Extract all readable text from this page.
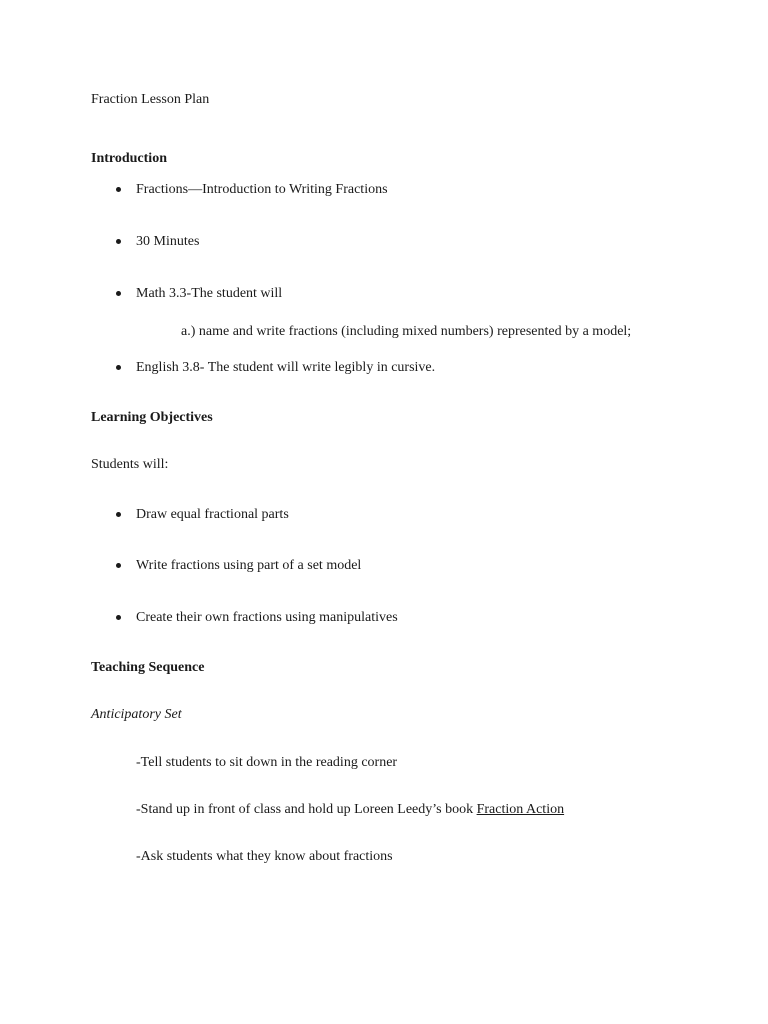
Fraction Lesson Plan
Introduction
Fractions—Introduction to Writing Fractions
30 Minutes
Math 3.3-The student will
a.) name and write fractions (including mixed numbers) represented by a model;
English 3.8- The student will write legibly in cursive.
Learning Objectives
Students will:
Draw equal fractional parts
Write fractions using part of a set model
Create their own fractions using manipulatives
Teaching Sequence
Anticipatory Set
-Tell students to sit down in the reading corner
-Stand up in front of class and hold up Loreen Leedy’s book Fraction Action
-Ask students what they know about fractions
